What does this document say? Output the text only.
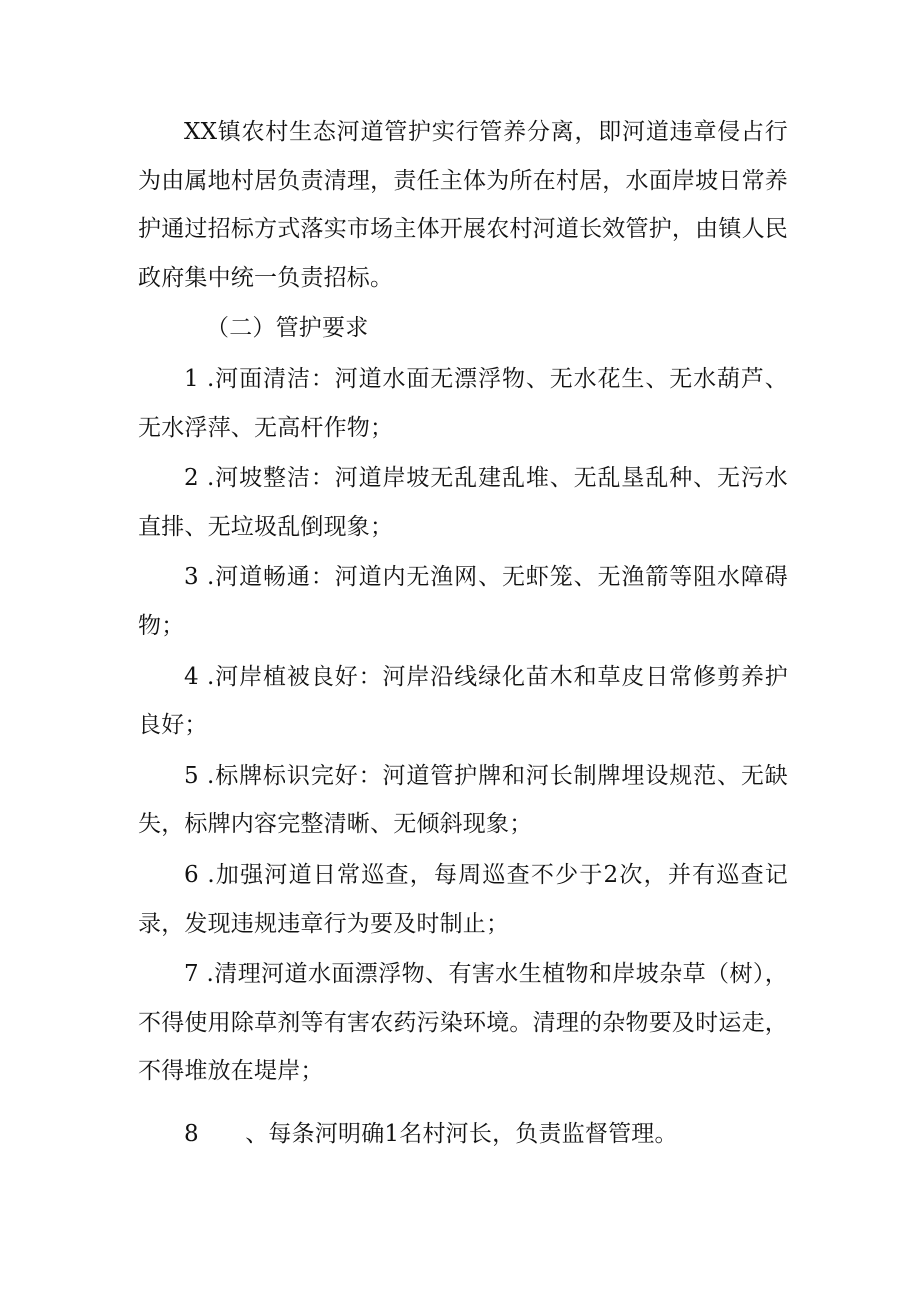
XX镇农村生态河道管护实行管养分离，即河道违章侵占行为由属地村居负责清理，责任主体为所在村居，水面岸坡日常养护通过招标方式落实市场主体开展农村河道长效管护，由镇人民政府集中统一负责招标。

（二）管护要求

1 .河面清洁：河道水面无漂浮物、无水花生、无水葫芦、无水浮萍、无高杆作物；

2 .河坡整洁：河道岸坡无乱建乱堆、无乱垦乱种、无污水直排、无垃圾乱倒现象；

3 .河道畅通：河道内无渔网、无虾笼、无渔箭等阻水障碍物；

4 .河岸植被良好：河岸沿线绿化苗木和草皮日常修剪养护良好；

5 .标牌标识完好：河道管护牌和河长制牌埋设规范、无缺失，标牌内容完整清晰、无倾斜现象；

6 .加强河道日常巡查，每周巡查不少于2次，并有巡查记录，发现违规违章行为要及时制止；

7 .清理河道水面漂浮物、有害水生植物和岸坡杂草（树），不得使用除草剂等有害农药污染环境。清理的杂物要及时运走，不得堆放在堤岸；

8　　、每条河明确1名村河长，负责监督管理。
